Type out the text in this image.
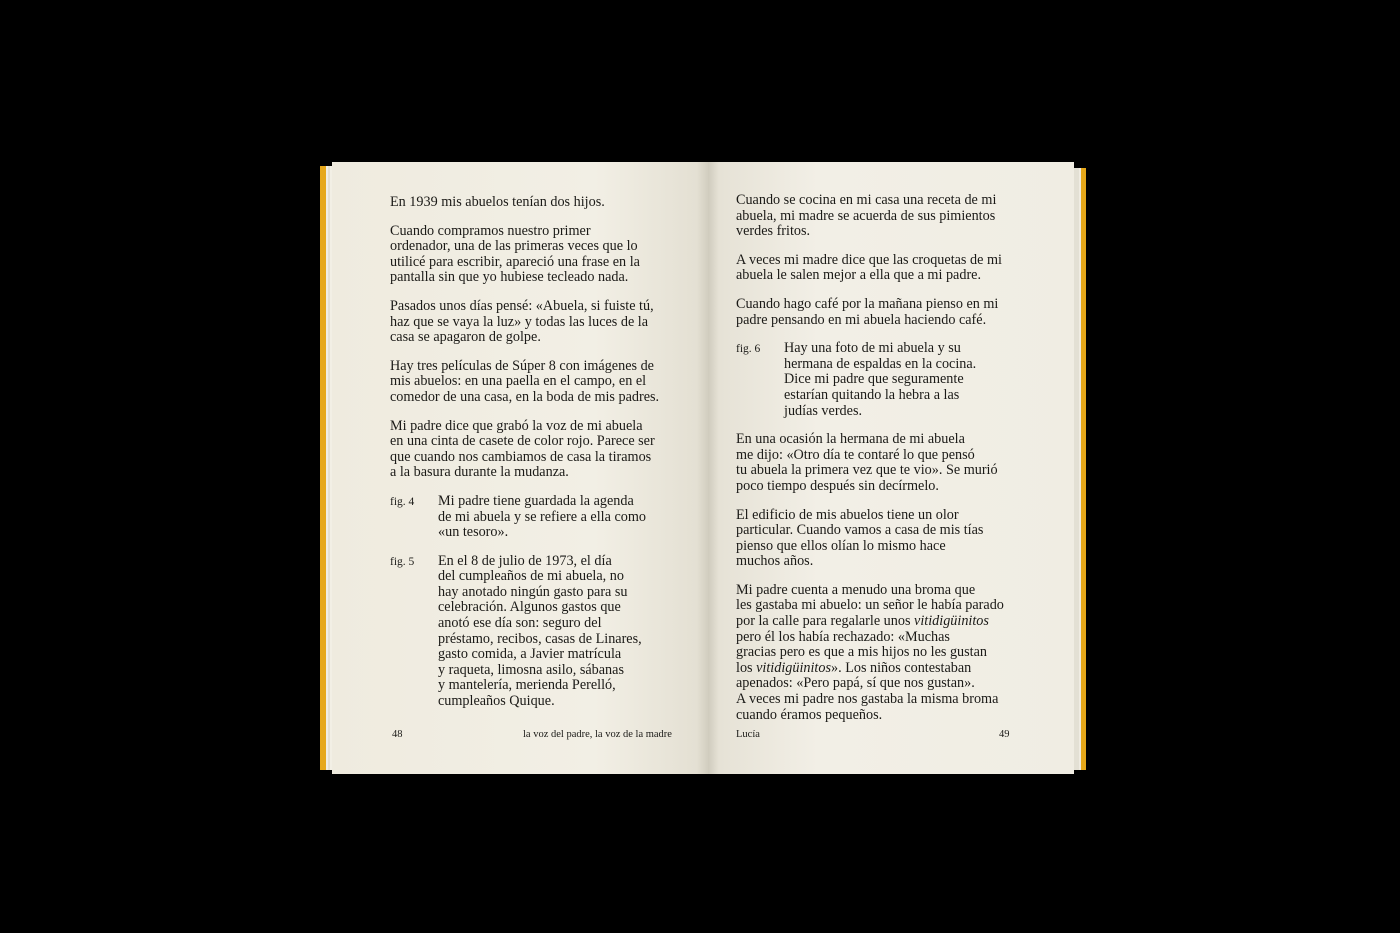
En 1939 mis abuelos tenían dos hijos.

Cuando compramos nuestro primer
ordenador, una de las primeras veces que lo
utilicé para escribir, apareció una frase en la
pantalla sin que yo hubiese tecleado nada.

Pasados unos días pensé: «Abuela, si fuiste tú,
haz que se vaya la luz» y todas las luces de la
casa se apagaron de golpe.

Hay tres películas de Súper 8 con imágenes de
mis abuelos: en una paella en el campo, en el
comedor de una casa, en la boda de mis padres.

Mi padre dice que grabó la voz de mi abuela
en una cinta de casete de color rojo. Parece ser
que cuando nos cambiamos de casa la tiramos
a la basura durante la mudanza.

fig. 4	Mi padre tiene guardada la agenda
de mi abuela y se refiere a ella como
«un tesoro».
fig. 5	En el 8 de julio de 1973, el día
del cumpleaños de mi abuela, no
hay anotado ningún gasto para su
celebración. Algunos gastos que
anotó ese día son: seguro del
préstamo, recibos, casas de Linares,
gasto comida, a Javier matrícula
y raqueta, limosna asilo, sábanas
y mantelería, merienda Perelló,
cumpleaños Quique.
48	la voz del padre, la voz de la madre

Cuando se cocina en mi casa una receta de mi
abuela, mi madre se acuerda de sus pimientos
verdes fritos.

A veces mi madre dice que las croquetas de mi
abuela le salen mejor a ella que a mi padre.

Cuando hago café por la mañana pienso en mi
padre pensando en mi abuela haciendo café.

fig. 6	Hay una foto de mi abuela y su
hermana de espaldas en la cocina.
Dice mi padre que seguramente
estarían quitando la hebra a las
judías verdes.

En una ocasión la hermana de mi abuela
me dijo: «Otro día te contaré lo que pensó
tu abuela la primera vez que te vio». Se murió
poco tiempo después sin decírmelo.

El edificio de mis abuelos tiene un olor
particular. Cuando vamos a casa de mis tías
pienso que ellos olían lo mismo hace
muchos años.

Mi padre cuenta a menudo una broma que
les gastaba mi abuelo: un señor le había parado
por la calle para regalarle unos vitidigüinitos
pero él los había rechazado: «Muchas
gracias pero es que a mis hijos no les gustan
los vitidigüinitos». Los niños contestaban
apenados: «Pero papá, sí que nos gustan».
A veces mi padre nos gastaba la misma broma
cuando éramos pequeños.

Lucía	49
